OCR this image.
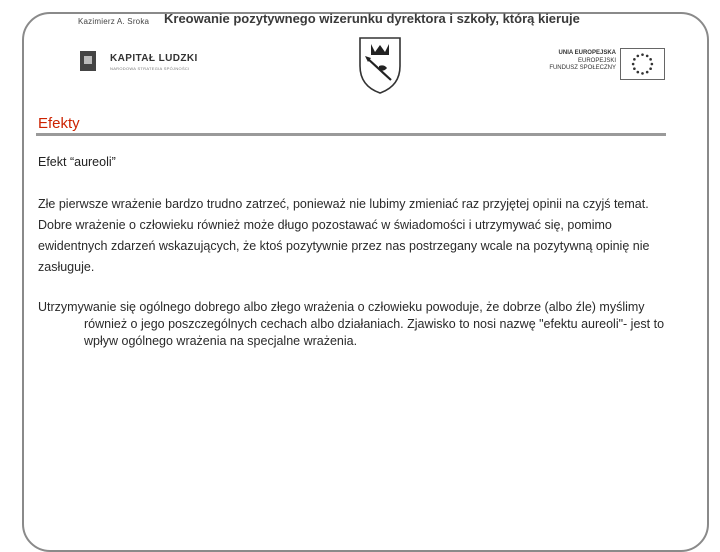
Kazimierz A. Sroka Kreowanie pozytywnego wizerunku dyrektora i szkoły, którą kieruje
KAPITAŁ LUDZKI
NARODOWA STRATEGIA SPÓJNOŚCI
UNIA EUROPEJSKA
EUROPEJSKI
FUNDUSZ SPOŁECZNY
Efekty
Efekt “aureoli”
Złe pierwsze wrażenie bardzo trudno zatrzeć, ponieważ nie lubimy zmieniać raz przyjętej opinii na czyjś temat. Dobre wrażenie o człowieku również może długo pozostawać w świadomości i utrzymywać się, pomimo ewidentnych zdarzeń wskazujących, że ktoś pozytywnie przez nas postrzegany wcale na pozytywną opinię nie zasługuje.
Utrzymywanie się ogólnego dobrego albo złego wrażenia o człowieku powoduje, że dobrze (albo źle) myślimy również o jego poszczególnych cechach albo działaniach. Zjawisko to nosi nazwę "efektu aureoli"- jest to wpływ ogólnego wrażenia na specjalne wrażenia.
